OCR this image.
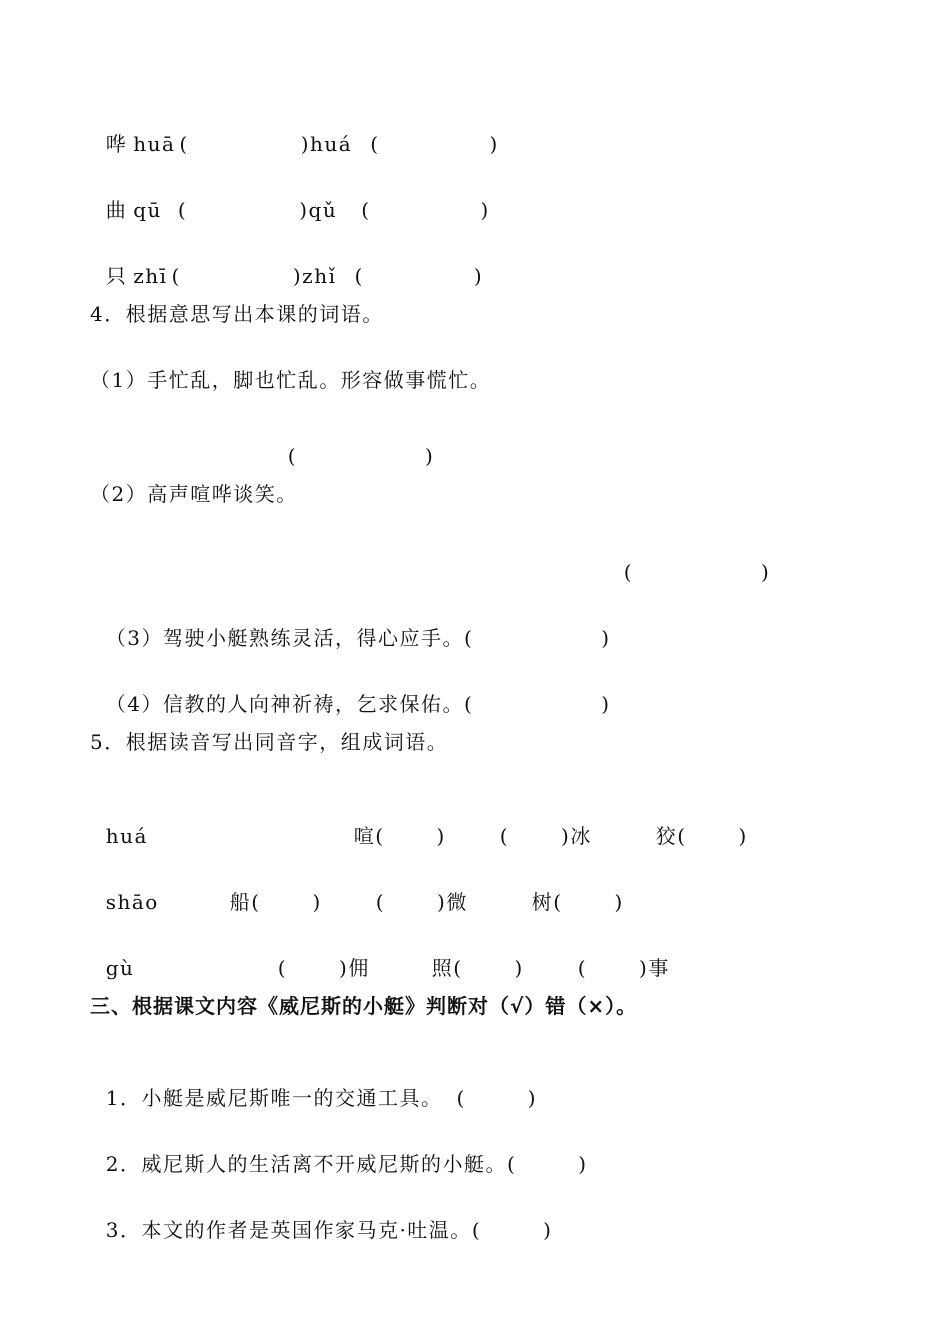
哗 huā (	)huá (	)

曲 qū (	)qǔ (	)

只 zhī (	)zhǐ (	)

4．根据意思写出本课的词语。
（1）手忙乱，脚也忙乱。形容做事慌忙。

(	)

（2）高声喧哗谈笑。

(	)

（3）驾驶小艇熟练灵活，得心应手。(	)

（4）信教的人向神祈祷，乞求保佑。(	)

5．根据读音写出同音字，组成词语。

huá	喧(	)	(	)冰	狡(	)

shāo	船(	)	(	)微	树(	)

gù	(	)佣	照(	)	(	)事

三、根据课文内容《威尼斯的小艇》判断对（√）错（×）。

1．小艇是威尼斯唯一的交通工具。 (	)

2．威尼斯人的生活离不开威尼斯的小艇。(	)

3．本文的作者是英国作家马克·吐温。(	)
